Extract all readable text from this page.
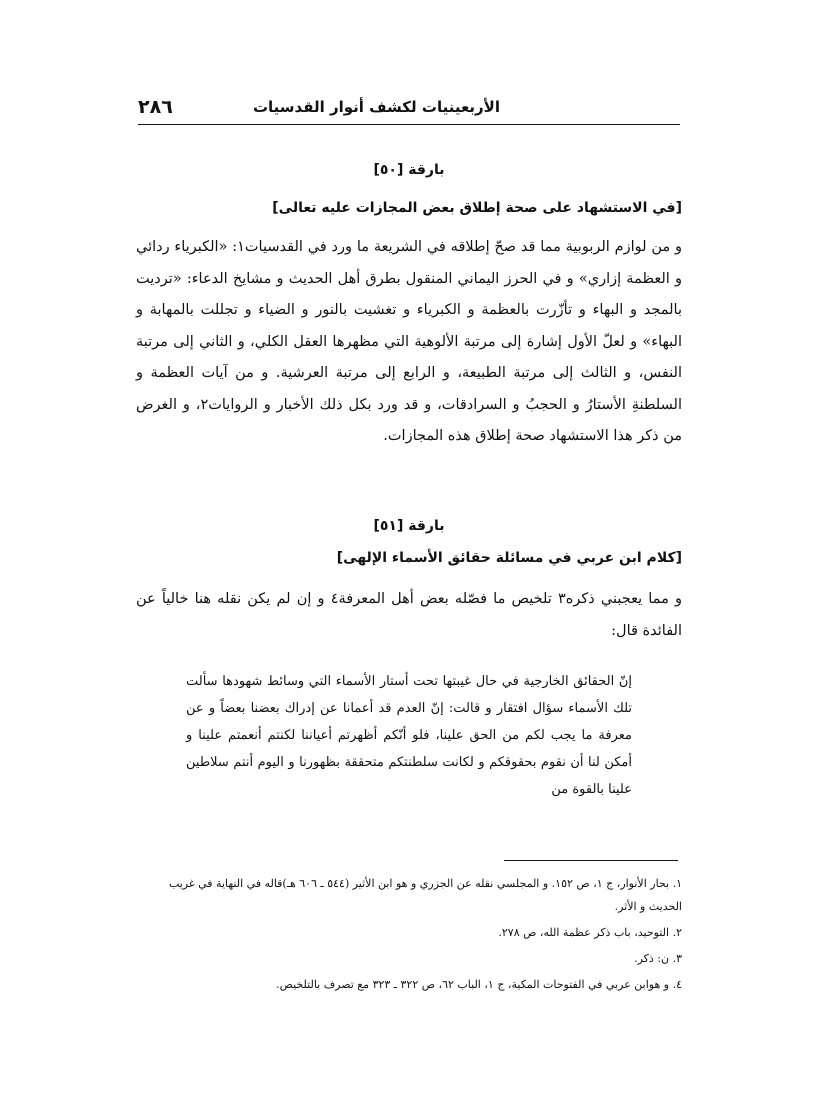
٢٨٦	الأربعينيات لكشف أنوار القدسيات
بارقة [٥٠]
[في الاستشهاد على صحة إطلاق بعض المجازات عليه تعالى]

و من لوازم الربوبية مما قد صحّ إطلاقه في الشريعة ما ورد في القدسيات١: «الكبرياء ردائي و العظمة إزاري» و في الحرز اليماني المنقول بطرق أهل الحديث و مشايخ الدعاء: «ترديت بالمجد و البهاء و تأزّرت بالعظمة و الكبرياء و تغشيت بالنور و الضياء و تجللت بالمهابة و البهاء» و لعلّ الأول إشارة إلى مرتبة الألوهية التي مظهرها العقل الكلي، و الثاني إلى مرتبة النفس، و الثالث إلى مرتبة الطبيعة، و الرابع إلى مرتبة العرشية. و من آيات العظمة و السلطنةِ الأستارُ و الحجبُ و السرادقات، و قد ورد بكل ذلك الأخبار و الروايات٢، و الغرض من ذكر هذا الاستشهاد صحة إطلاق هذه المجازات.

بارقة [٥١]
[كلام ابن عربي في مسائلة حقائق الأسماء الإلهى]

و مما يعجبني ذكره٣ تلخيص ما فصّله بعض أهل المعرفة٤ و إن لم يكن نقله هنا خالياً عن الفائدة قال:

إنّ الحقائق الخارجية في حال غيبتها تحت أستار الأسماء التي وسائط شهودها سألت تلك الأسماء سؤال افتقار و قالت: إنّ العدم قد أعمانا عن إدراك بعضنا بعضاً و عن معرفة ما يجب لكم من الحق علينا، فلو أنّكم أظهرتم أعياننا لكنتم أنعمتم علينا و أمكن لنا أن نقوم بحقوقكم و لكانت سلطنتكم متحققة بظهورنا و اليوم أنتم سلاطين علينا بالقوة من

١. بحار الأنوار، ج ١، ص ١٥٢. و المجلسي نقله عن الجزري و هو ابن الأثير (٥٤٤ ـ ٦٠٦ هـ)قاله في النهاية في غريب الحديث و الأثر.

٢. التوحيد، باب ذكر عظمة الله، ص ٢٧٨.

٣. ن: ذكر.

٤. و هوابن عربي في الفتوحات المكية، ج ١، الباب ٦٢، ص ٣٢٢ ـ ٣٢٣ مع تصرف بالتلخيص.
